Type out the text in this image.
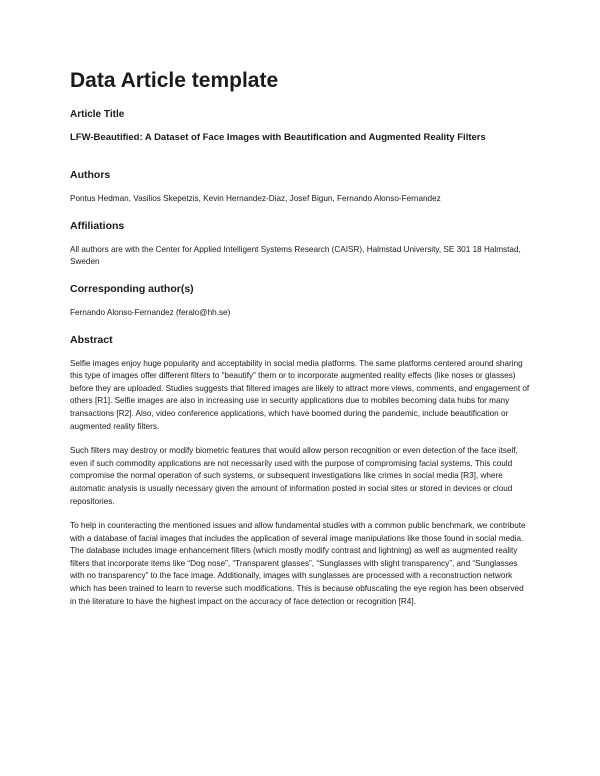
Data Article template
Article Title
LFW-Beautified: A Dataset of Face Images with Beautification and Augmented Reality Filters
Authors

Pontus Hedman, Vasilios Skepetzis, Kevin Hernandez-Diaz, Josef Bigun, Fernando Alonso-Fernandez

Affiliations

All authors are with the Center for Applied Intelligent Systems Research (CAISR), Halmstad University, SE 301 18 Halmstad, Sweden

Corresponding author(s)

Fernando Alonso-Fernandez (feralo@hh.se)

Abstract

Selfie images enjoy huge popularity and acceptability in social media platforms. The same platforms centered around sharing this type of images offer different filters to “beautify” them or to incorporate augmented reality effects (like noses or glasses) before they are uploaded. Studies suggests that filtered images are likely to attract more views, comments, and engagement of others [R1]. Selfie images are also in increasing use in security applications due to mobiles becoming data hubs for many transactions [R2]. Also, video conference applications, which have boomed during the pandemic, include beautification or augmented reality filters.

Such filters may destroy or modify biometric features that would allow person recognition or even detection of the face itself, even if such commodity applications are not necessarily used with the purpose of compromising facial systems. This could compromise the normal operation of such systems, or subsequent investigations like crimes in social media [R3], where automatic analysis is usually necessary given the amount of information posted in social sites or stored in devices or cloud repositories.

To help in counteracting the mentioned issues and allow fundamental studies with a common public benchmark, we contribute with a database of facial images that includes the application of several image manipulations like those found in social media. The database includes image enhancement filters (which mostly modify contrast and lightning) as well as augmented reality filters that incorporate items like “Dog nose”, “Transparent glasses”, “Sunglasses with slight transparency”, and “Sunglasses with no transparency” to the face image. Additionally, images with sunglasses are processed with a reconstruction network which has been trained to learn to reverse such modifications. This is because obfuscating the eye region has been observed in the literature to have the highest impact on the accuracy of face detection or recognition [R4].
